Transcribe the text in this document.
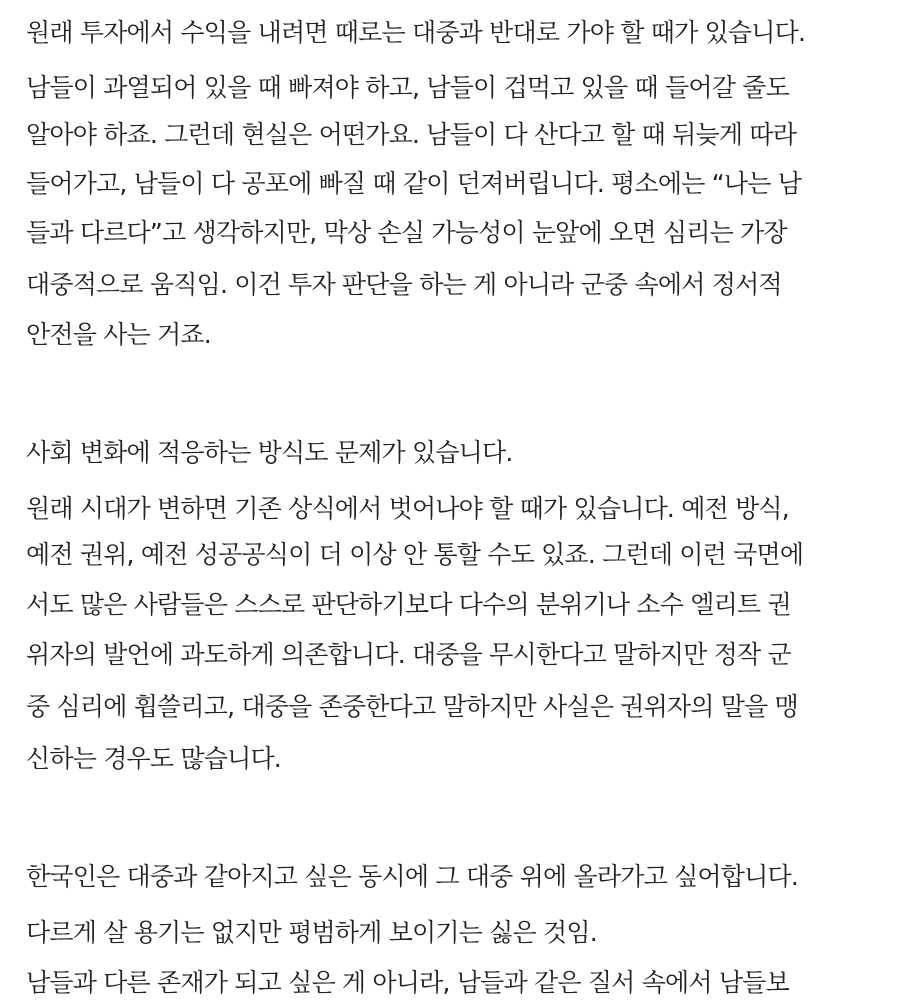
원래 투자에서 수익을 내려면 때로는 대중과 반대로 가야 할 때가 있습니다.
남들이 과열되어 있을 때 빠져야 하고, 남들이 겁먹고 있을 때 들어갈 줄도
알아야 하죠. 그런데 현실은 어떤가요. 남들이 다 산다고 할 때 뒤늦게 따라
들어가고, 남들이 다 공포에 빠질 때 같이 던져버립니다. 평소에는 “나는 남
들과 다르다”고 생각하지만, 막상 손실 가능성이 눈앞에 오면 심리는 가장
대중적으로 움직임. 이건 투자 판단을 하는 게 아니라 군중 속에서 정서적
안전을 사는 거죠.
사회 변화에 적응하는 방식도 문제가 있습니다.
원래 시대가 변하면 기존 상식에서 벗어나야 할 때가 있습니다. 예전 방식,
예전 권위, 예전 성공공식이 더 이상 안 통할 수도 있죠. 그런데 이런 국면에
서도 많은 사람들은 스스로 판단하기보다 다수의 분위기나 소수 엘리트 권
위자의 발언에 과도하게 의존합니다. 대중을 무시한다고 말하지만 정작 군
중 심리에 휩쓸리고, 대중을 존중한다고 말하지만 사실은 권위자의 말을 맹
신하는 경우도 많습니다.
한국인은 대중과 같아지고 싶은 동시에 그 대중 위에 올라가고 싶어합니다.
다르게 살 용기는 없지만 평범하게 보이기는 싫은 것임.
남들과 다른 존재가 되고 싶은 게 아니라, 남들과 같은 질서 속에서 남들보
